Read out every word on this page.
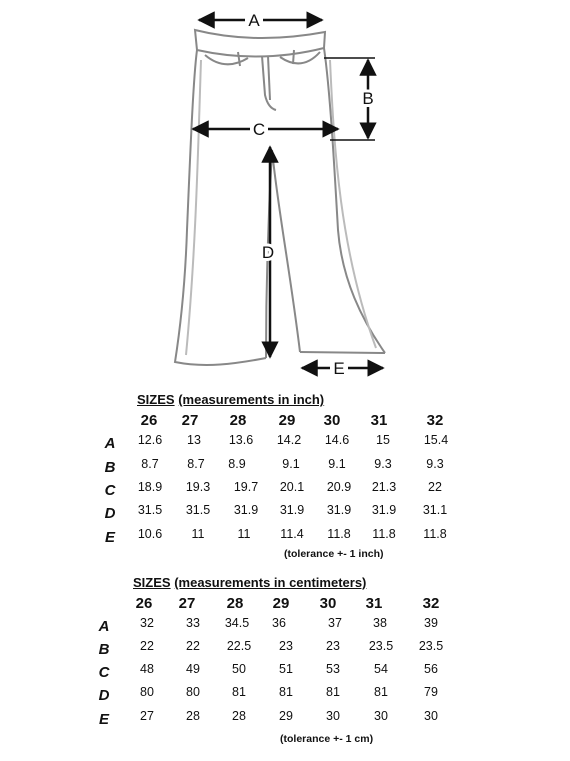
A
B
C
D
E
SIZES (measurements in inch)
26 27 28 29 30 31	32
A 12.6 13 13.6 14.2 14.6 15	15.4
B 8.7 8.7 8.9	9.1 9.1 9.3	9.3
C 18.9 19.3 19.7 20.1 20.9 21.3	22
D 31.5 31.5 31.9 31.9 31.9 31.9 31.1
E 10.6 11	11 11.4 11.8 11.8 11.8
(tolerance +- 1 inch)
SIZES (measurements in centimeters)
26 27 28 29 30 31	32
A 32	33 34.5 36	37 38	39
B 22	22 22.5 23	23 23.5 23.5
C 48	49	50	51	53	54	56
D 80	80	81	81	81	81	79
E 27	28	28	29	30	30	30
(tolerance +- 1 cm)
